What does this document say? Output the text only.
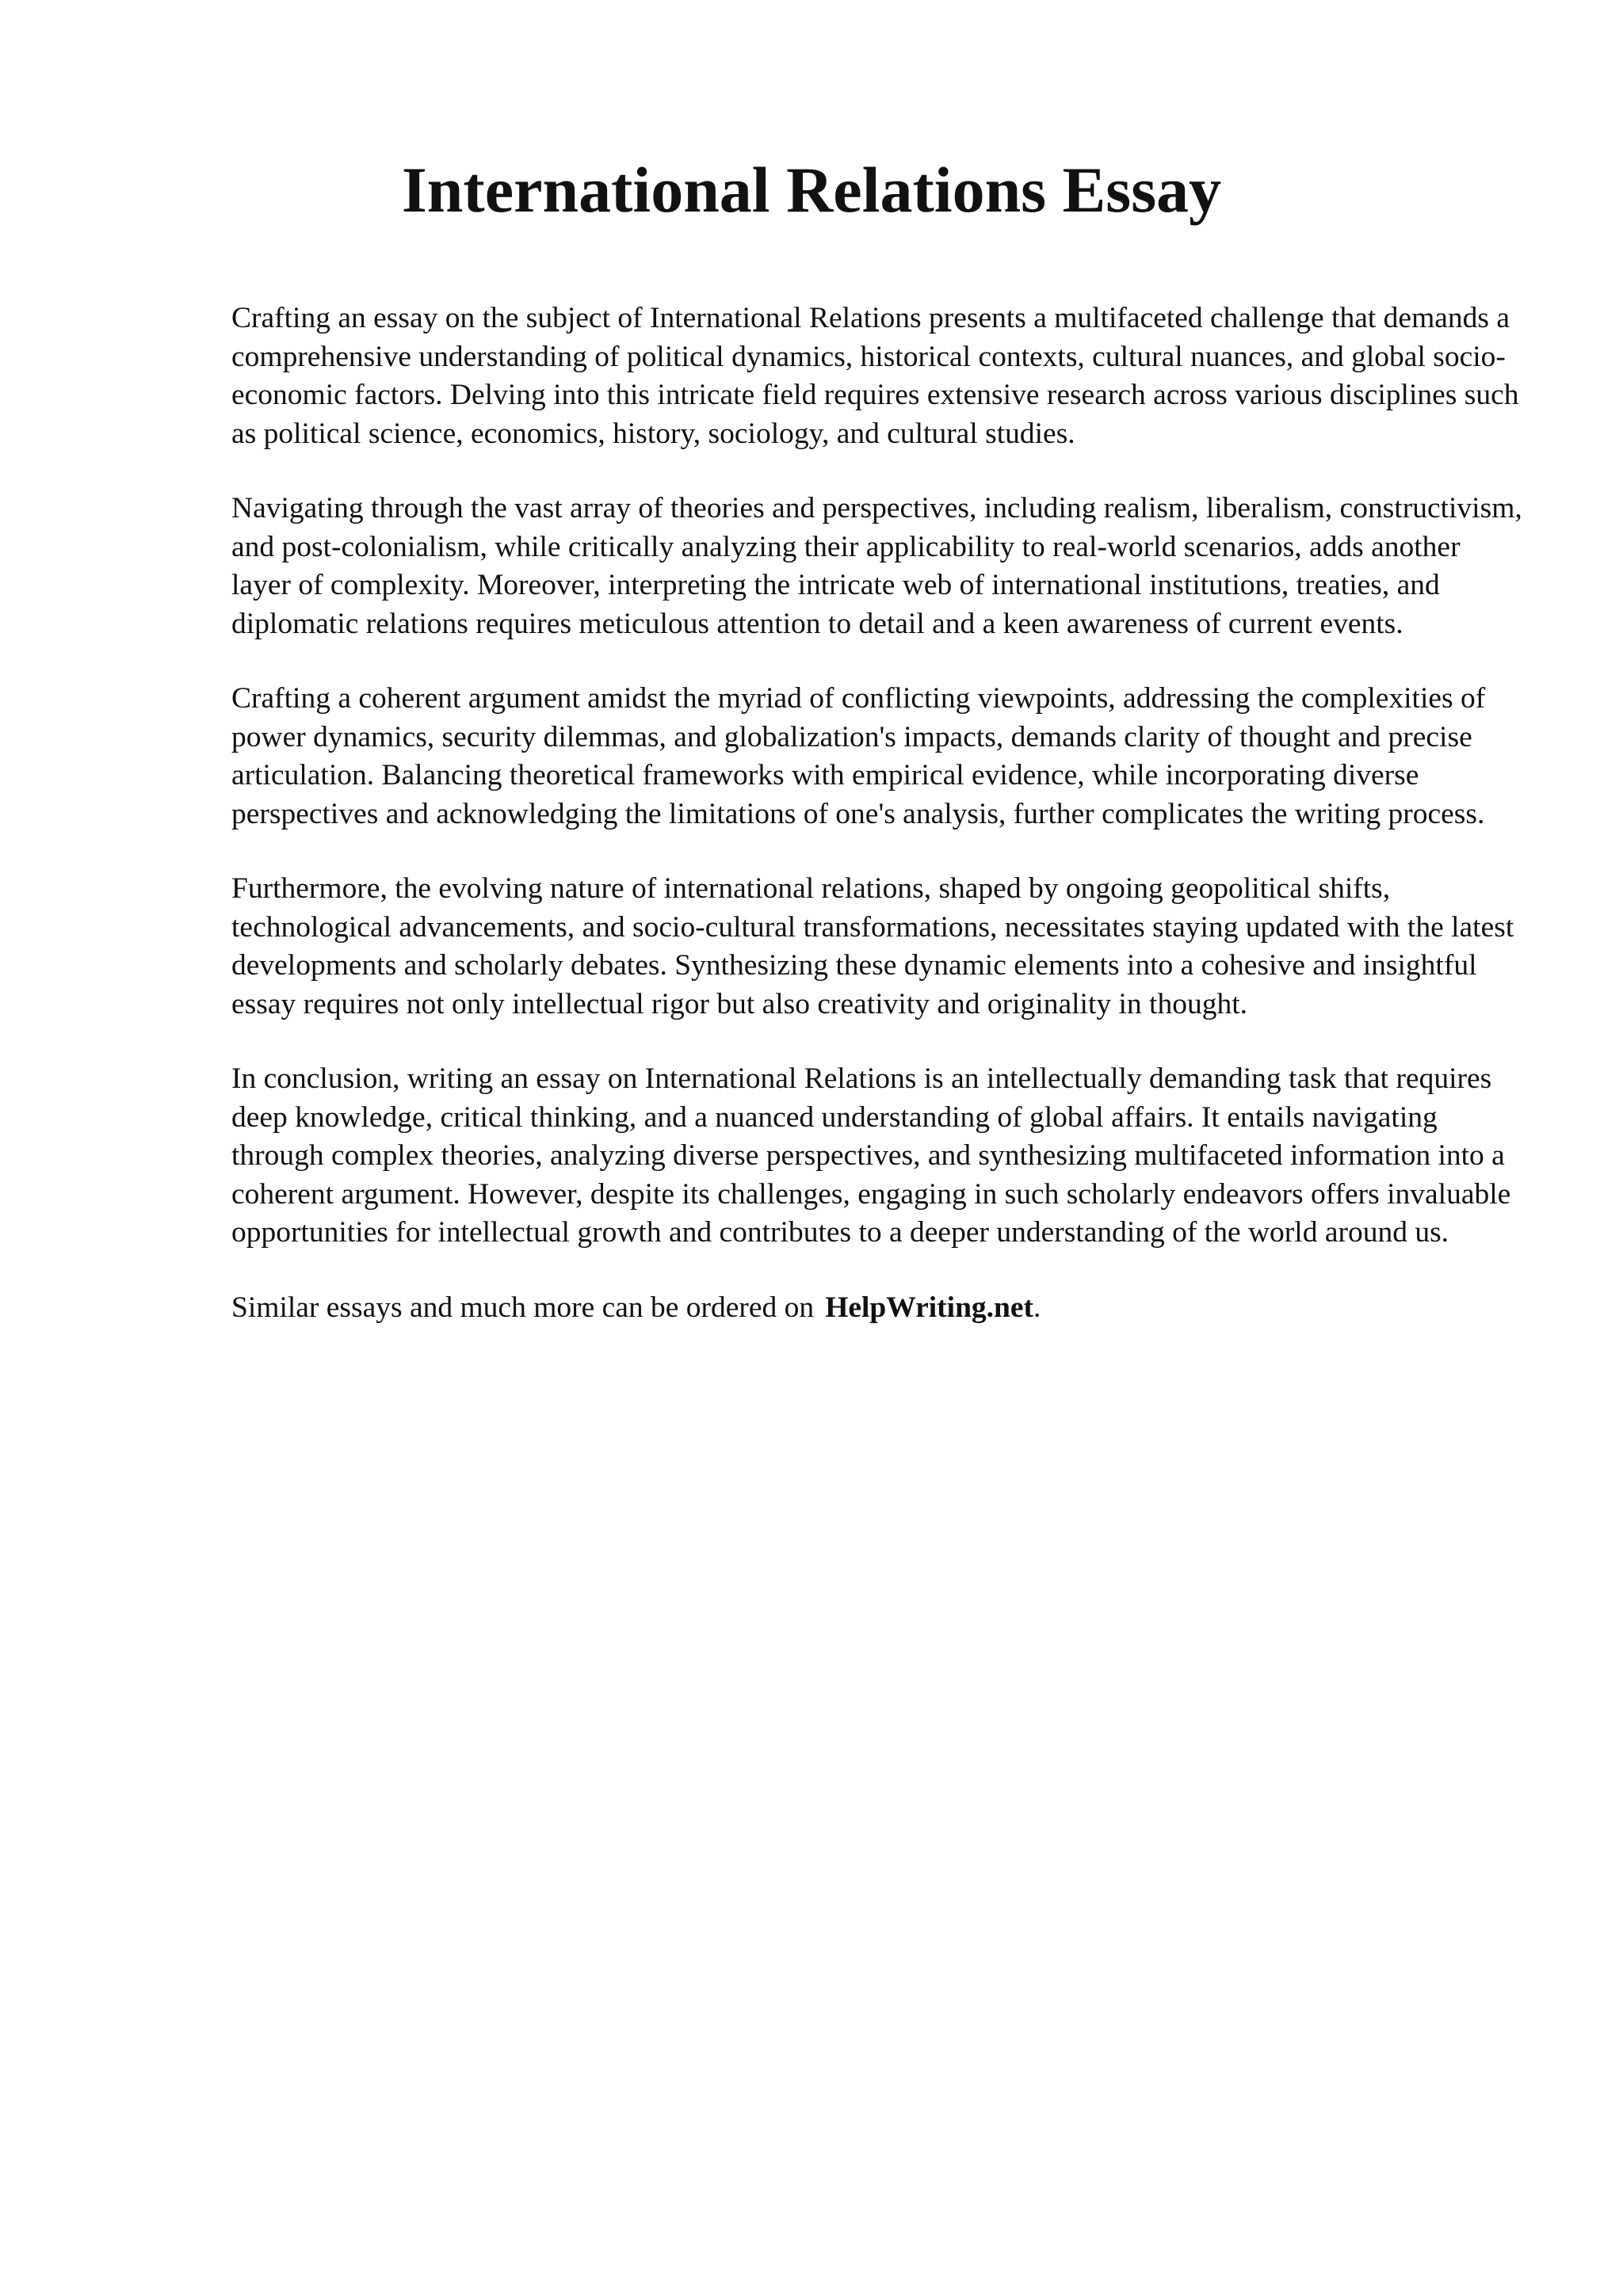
International Relations Essay

Crafting an essay on the subject of International Relations presents a multifaceted challenge that demands a comprehensive understanding of political dynamics, historical contexts, cultural nuances, and global socio-economic factors. Delving into this intricate field requires extensive research across various disciplines such as political science, economics, history, sociology, and cultural studies.

Navigating through the vast array of theories and perspectives, including realism, liberalism, constructivism, and post-colonialism, while critically analyzing their applicability to real-world scenarios, adds another layer of complexity. Moreover, interpreting the intricate web of international institutions, treaties, and diplomatic relations requires meticulous attention to detail and a keen awareness of current events.

Crafting a coherent argument amidst the myriad of conflicting viewpoints, addressing the complexities of power dynamics, security dilemmas, and globalization's impacts, demands clarity of thought and precise articulation. Balancing theoretical frameworks with empirical evidence, while incorporating diverse perspectives and acknowledging the limitations of one's analysis, further complicates the writing process.

Furthermore, the evolving nature of international relations, shaped by ongoing geopolitical shifts, technological advancements, and socio-cultural transformations, necessitates staying updated with the latest developments and scholarly debates. Synthesizing these dynamic elements into a cohesive and insightful essay requires not only intellectual rigor but also creativity and originality in thought.

In conclusion, writing an essay on International Relations is an intellectually demanding task that requires deep knowledge, critical thinking, and a nuanced understanding of global affairs. It entails navigating through complex theories, analyzing diverse perspectives, and synthesizing multifaceted information into a coherent argument. However, despite its challenges, engaging in such scholarly endeavors offers invaluable opportunities for intellectual growth and contributes to a deeper understanding of the world around us.

Similar essays and much more can be ordered on HelpWriting.net.
